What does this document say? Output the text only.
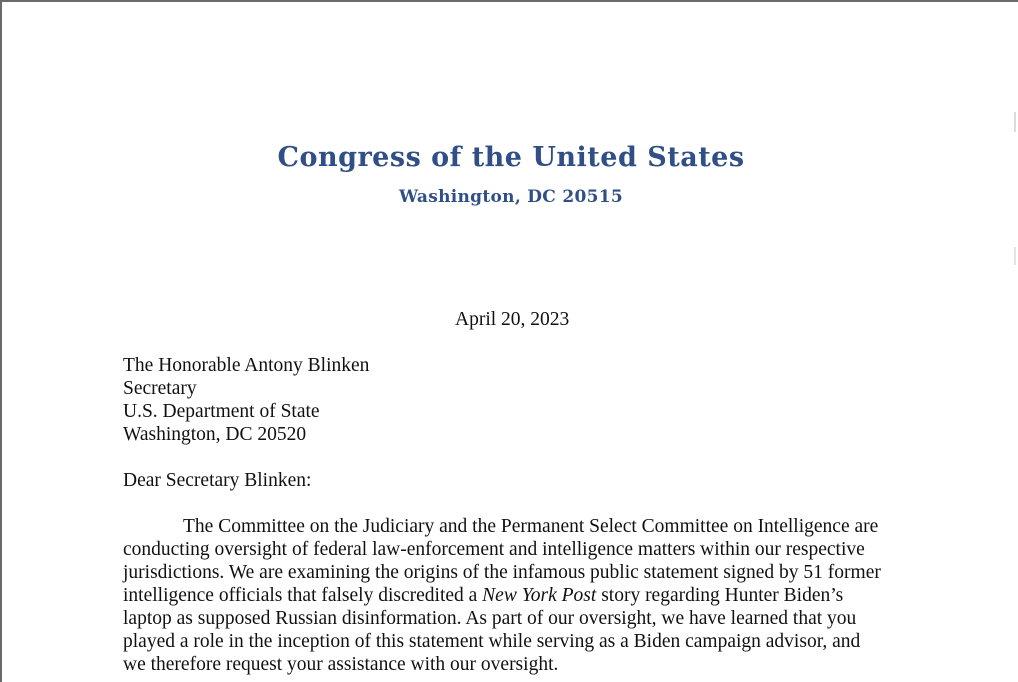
Congress of the United States
Washington, DC 20515
April 20, 2023
The Honorable Antony Blinken
Secretary
U.S. Department of State
Washington, DC 20520
Dear Secretary Blinken:
The Committee on the Judiciary and the Permanent Select Committee on Intelligence are
conducting oversight of federal law-enforcement and intelligence matters within our respective
jurisdictions. We are examining the origins of the infamous public statement signed by 51 former
intelligence officials that falsely discredited a New York Post story regarding Hunter Biden’s
laptop as supposed Russian disinformation. As part of our oversight, we have learned that you
played a role in the inception of this statement while serving as a Biden campaign advisor, and
we therefore request your assistance with our oversight.
